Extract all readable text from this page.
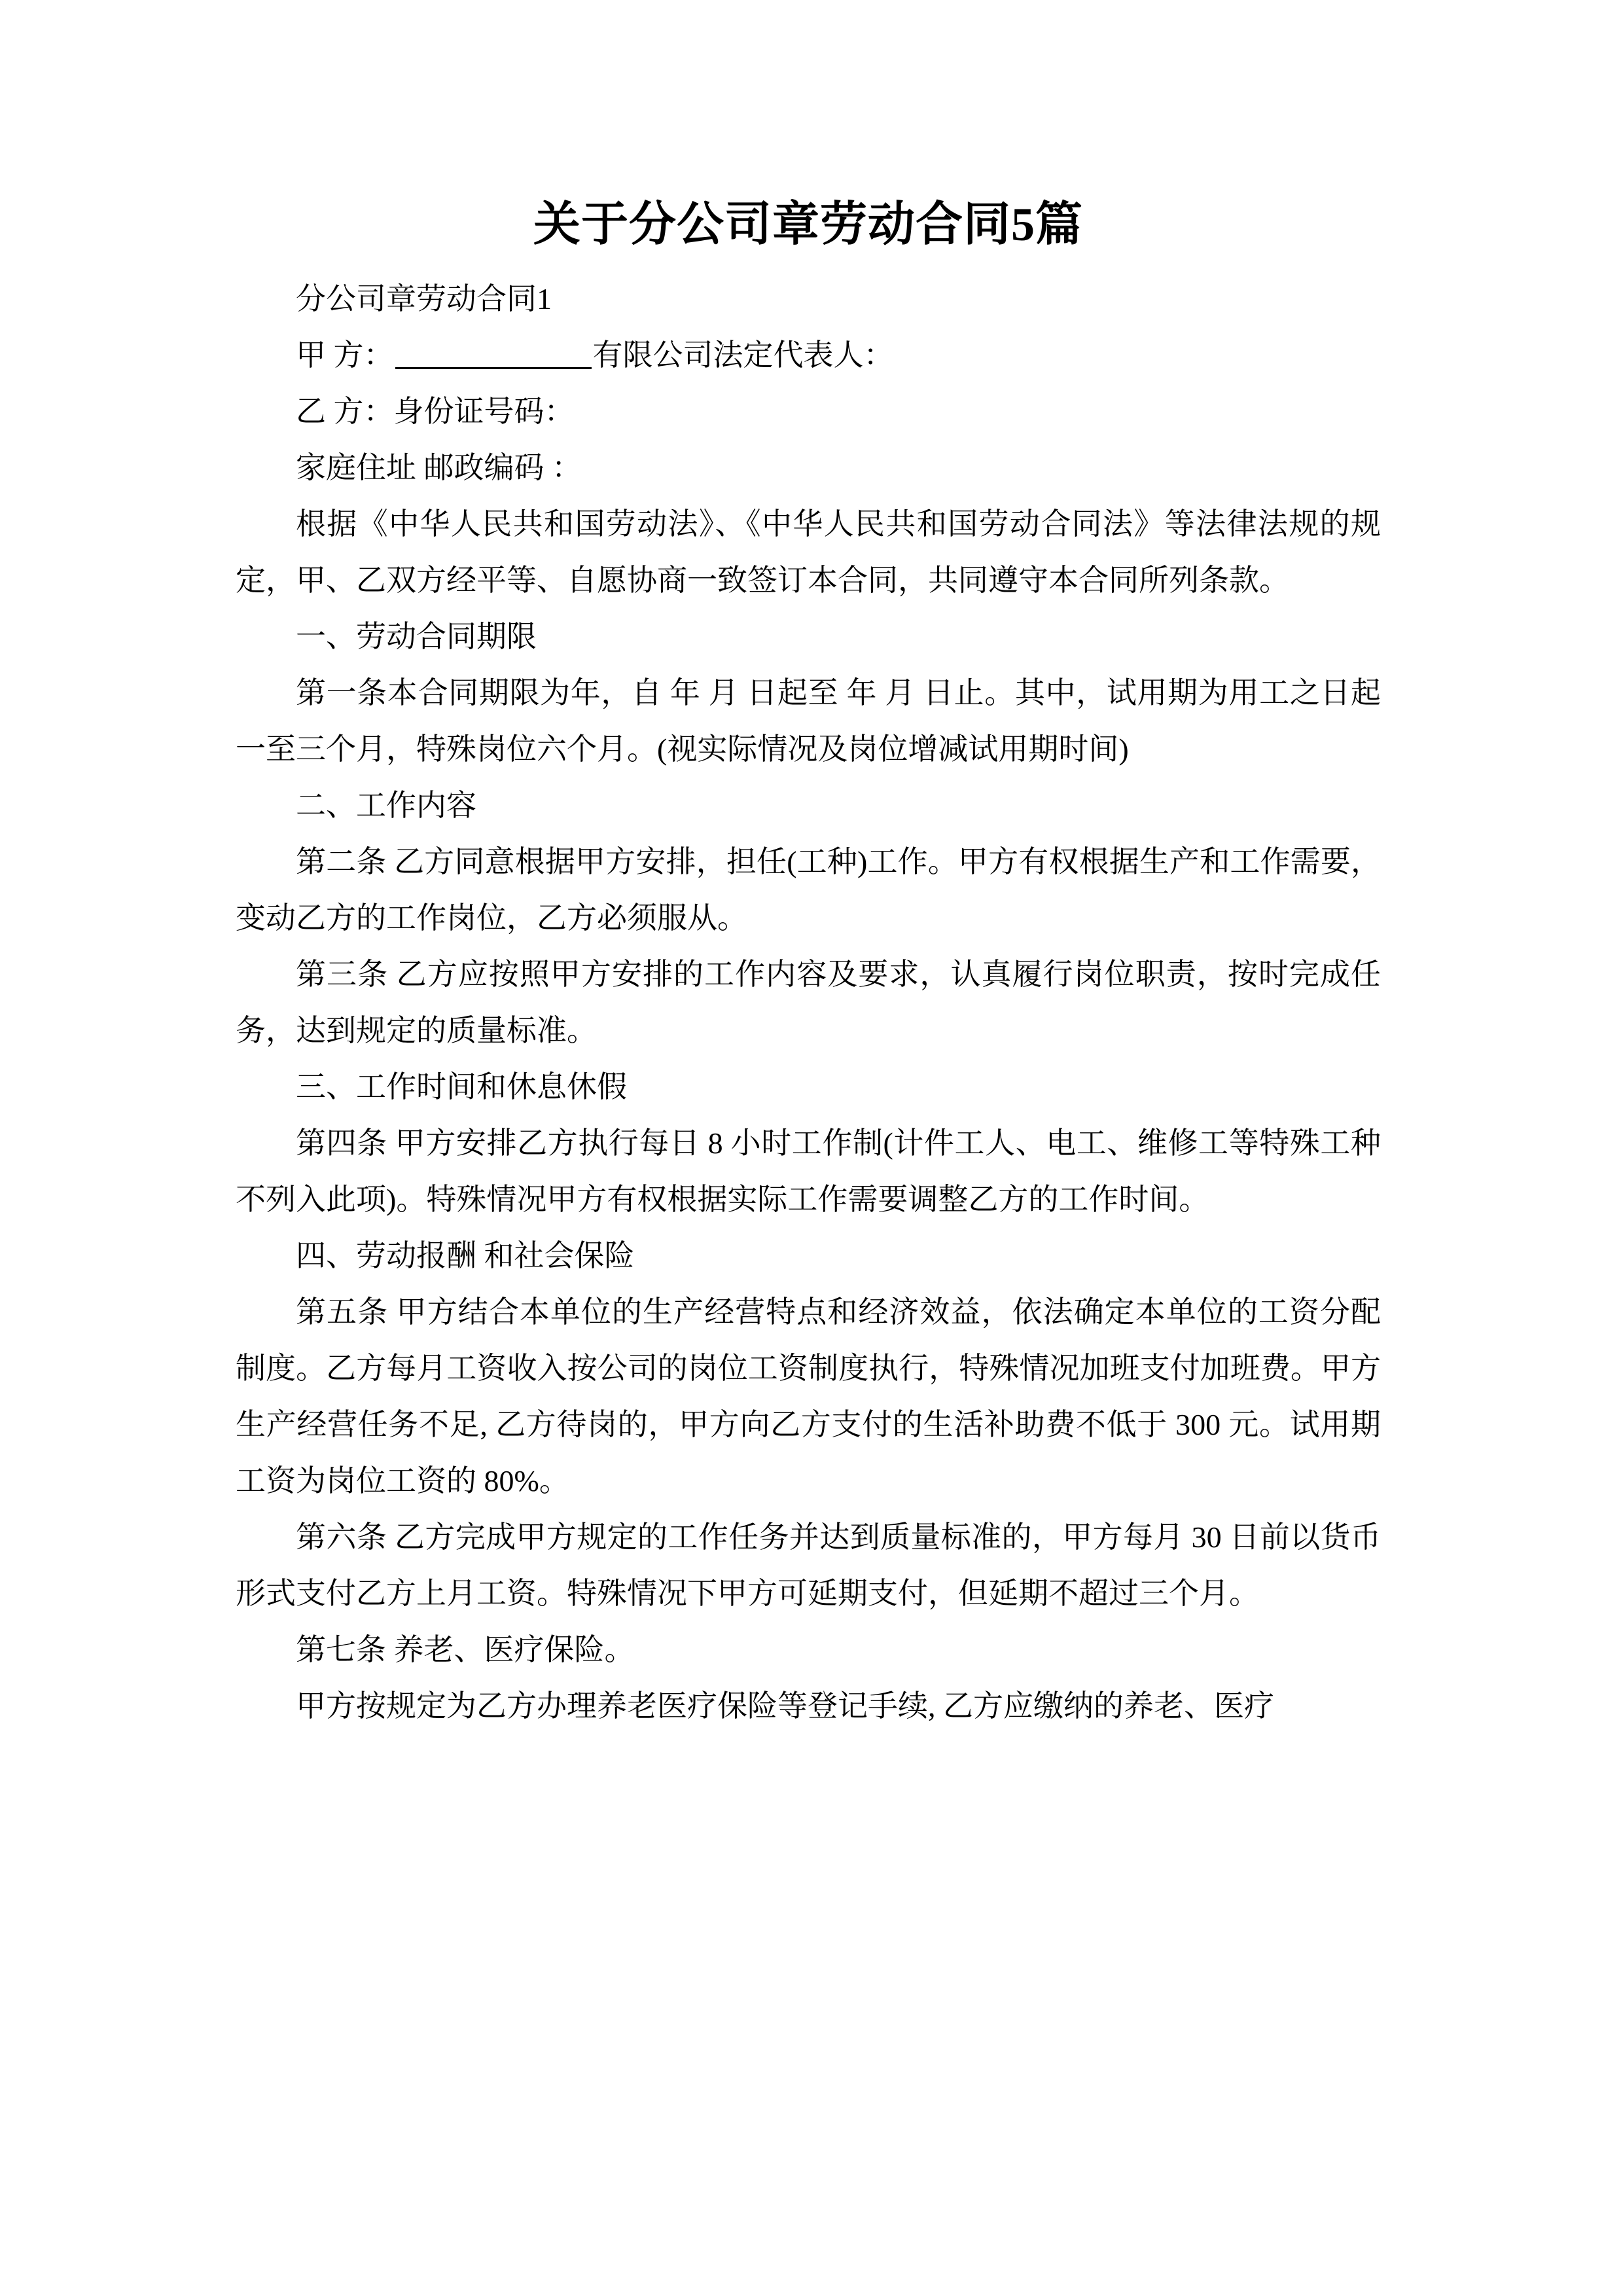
关于分公司章劳动合同5篇

分公司章劳动合同1

甲 方：	有限公司法定代表人：

乙 方：身份证号码：

家庭住址 邮政编码 ：

根据《中华人民共和国劳动法》、《中华人民共和国劳动合同法》等法律法规的规定，甲、乙双方经平等、自愿协商一致签订本合同，共同遵守本合同所列条款。

一、劳动合同期限

第一条本合同期限为年，自 年 月 日起至 年 月 日止。其中，试用期为用工之日起一至三个月，特殊岗位六个月。(视实际情况及岗位增减试用期时间)

二、工作内容

第二条 乙方同意根据甲方安排，担任(工种)工作。甲方有权根据生产和工作需要，变动乙方的工作岗位，乙方必须服从。

第三条 乙方应按照甲方安排的工作内容及要求，认真履行岗位职责，按时完成任务，达到规定的质量标准。

三、工作时间和休息休假

第四条 甲方安排乙方执行每日 8 小时工作制(计件工人、电工、维修工等特殊工种不列入此项)。特殊情况甲方有权根据实际工作需要调整乙方的工作时间。

四、劳动报酬 和社会保险

第五条 甲方结合本单位的生产经营特点和经济效益，依法确定本单位的工资分配制度。乙方每月工资收入按公司的岗位工资制度执行，特殊情况加班支付加班费。甲方生产经营任务不足, 乙方待岗的，甲方向乙方支付的生活补助费不低于 300 元。试用期工资为岗位工资的 80%。

第六条 乙方完成甲方规定的工作任务并达到质量标准的，甲方每月 30 日前以货币形式支付乙方上月工资。特殊情况下甲方可延期支付，但延期不超过三个月。

第七条 养老、医疗保险。

甲方按规定为乙方办理养老医疗保险等登记手续, 乙方应缴纳的养老、医疗
